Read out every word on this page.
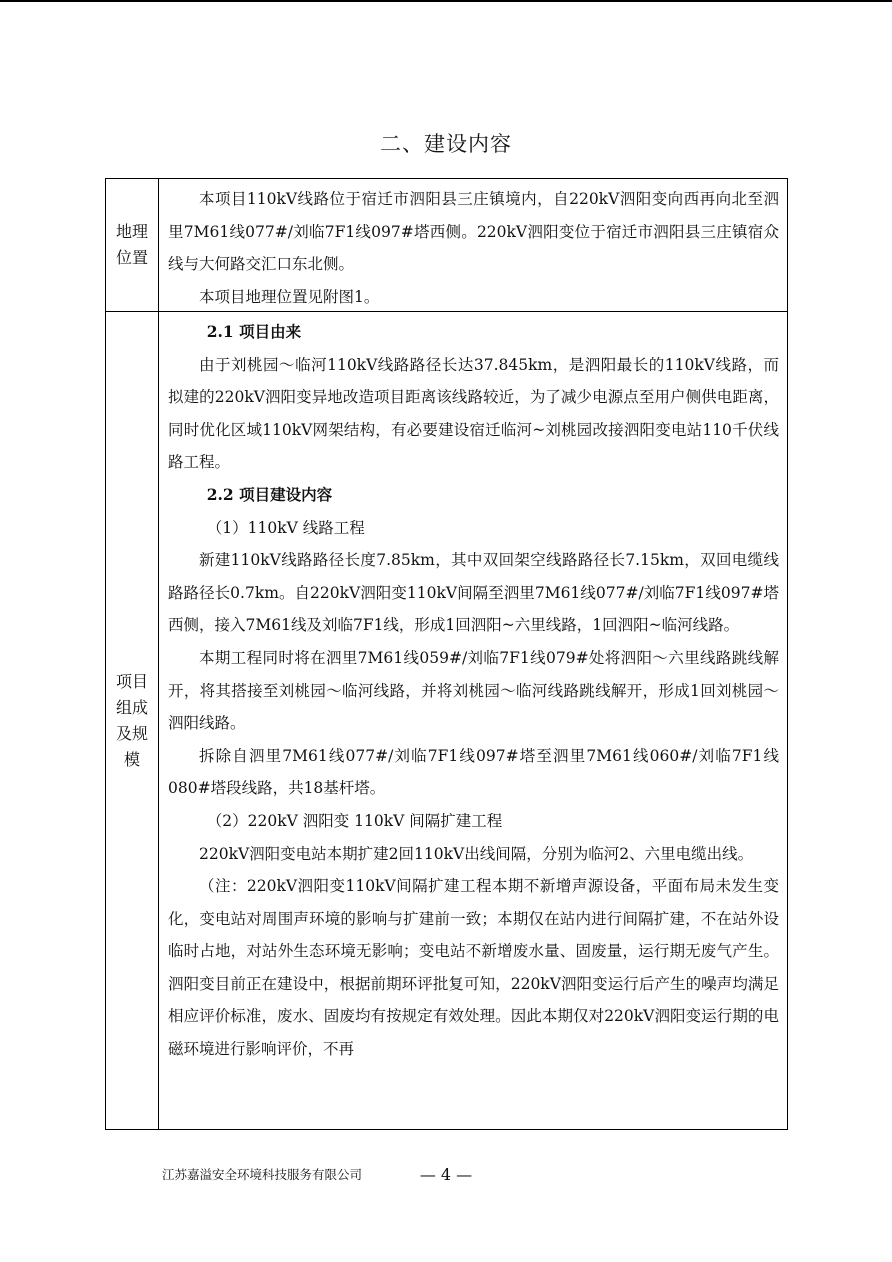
二、建设内容
地理位置

本项目110kV线路位于宿迁市泗阳县三庄镇境内，自220kV泗阳变向西再向北至泗里7M61线077#/刘临7F1线097#塔西侧。220kV泗阳变位于宿迁市泗阳县三庄镇宿众线与大何路交汇口东北侧。

本项目地理位置见附图1。

项目组成及规模

2.1 项目由来

由于刘桃园～临河110kV线路路径长达37.845km，是泗阳最长的110kV线路，而拟建的220kV泗阳变异地改造项目距离该线路较近，为了减少电源点至用户侧供电距离，同时优化区域110kV网架结构，有必要建设宿迁临河~刘桃园改接泗阳变电站110千伏线路工程。

2.2 项目建设内容

（1）110kV 线路工程

新建110kV线路路径长度7.85km，其中双回架空线路路径长7.15km，双回电缆线路路径长0.7km。自220kV泗阳变110kV间隔至泗里7M61线077#/刘临7F1线097#塔西侧，接入7M61线及刘临7F1线，形成1回泗阳~六里线路，1回泗阳~临河线路。

本期工程同时将在泗里7M61线059#/刘临7F1线079#处将泗阳～六里线路跳线解开，将其搭接至刘桃园～临河线路，并将刘桃园～临河线路跳线解开，形成1回刘桃园～泗阳线路。

拆除自泗里7M61线077#/刘临7F1线097#塔至泗里7M61线060#/刘临7F1线080#塔段线路，共18基杆塔。

（2）220kV 泗阳变 110kV 间隔扩建工程

220kV泗阳变电站本期扩建2回110kV出线间隔，分别为临河2、六里电缆出线。

（注：220kV泗阳变110kV间隔扩建工程本期不新增声源设备，平面布局未发生变化，变电站对周围声环境的影响与扩建前一致；本期仅在站内进行间隔扩建，不在站外设临时占地，对站外生态环境无影响；变电站不新增废水量、固废量，运行期无废气产生。泗阳变目前正在建设中，根据前期环评批复可知，220kV泗阳变运行后产生的噪声均满足相应评价标准，废水、固废均有按规定有效处理。因此本期仅对220kV泗阳变运行期的电磁环境进行影响评价，不再

江苏嘉溢安全环境科技服务有限公司	— 4 —
